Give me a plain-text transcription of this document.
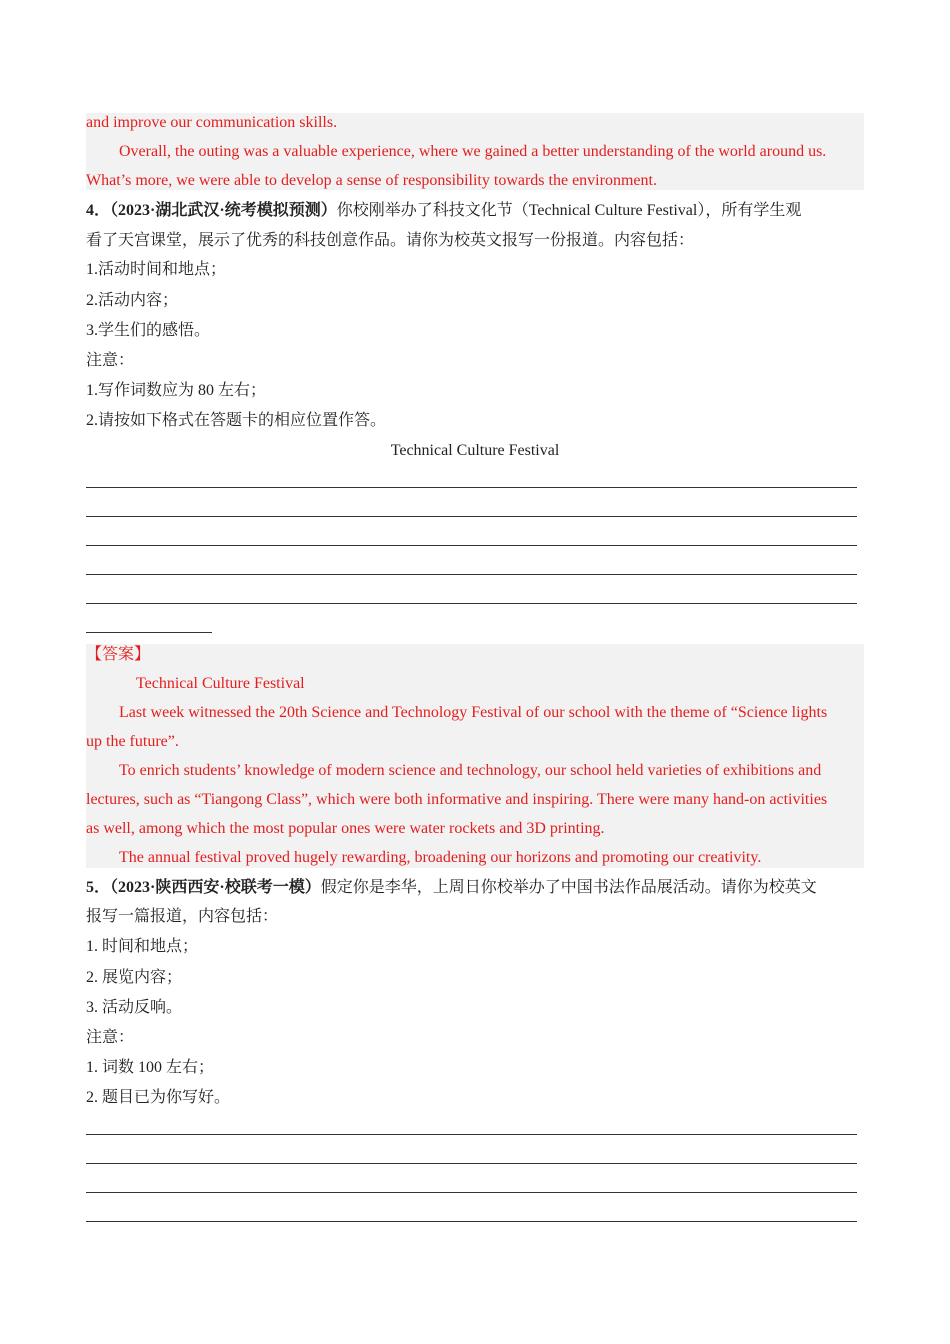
and improve our communication skills.
Overall, the outing was a valuable experience, where we gained a better understanding of the world around us.
What’s more, we were able to develop a sense of responsibility towards the environment.
4．（2023·湖北武汉·统考模拟预测）你校刚举办了科技文化节（Technical Culture Festival），所有学生观
看了天宫课堂，展示了优秀的科技创意作品。请你为校英文报写一份报道。内容包括：
1.活动时间和地点；
2.活动内容；
3.学生们的感悟。
注意：
1.写作词数应为 80 左右；
2.请按如下格式在答题卡的相应位置作答。
Technical Culture Festival
【答案】
Technical Culture Festival
Last week witnessed the 20th Science and Technology Festival of our school with the theme of “Science lights
up the future”.
To enrich students’ knowledge of modern science and technology, our school held varieties of exhibitions and
lectures, such as “Tiangong Class”, which were both informative and inspiring. There were many hand-on activities
as well, among which the most popular ones were water rockets and 3D printing.
The annual festival proved hugely rewarding, broadening our horizons and promoting our creativity.
5．（2023·陕西西安·校联考一模）假定你是李华，上周日你校举办了中国书法作品展活动。请你为校英文
报写一篇报道，内容包括：
1. 时间和地点；
2. 展览内容；
3. 活动反响。
注意：
1. 词数 100 左右；
2. 题目已为你写好。
